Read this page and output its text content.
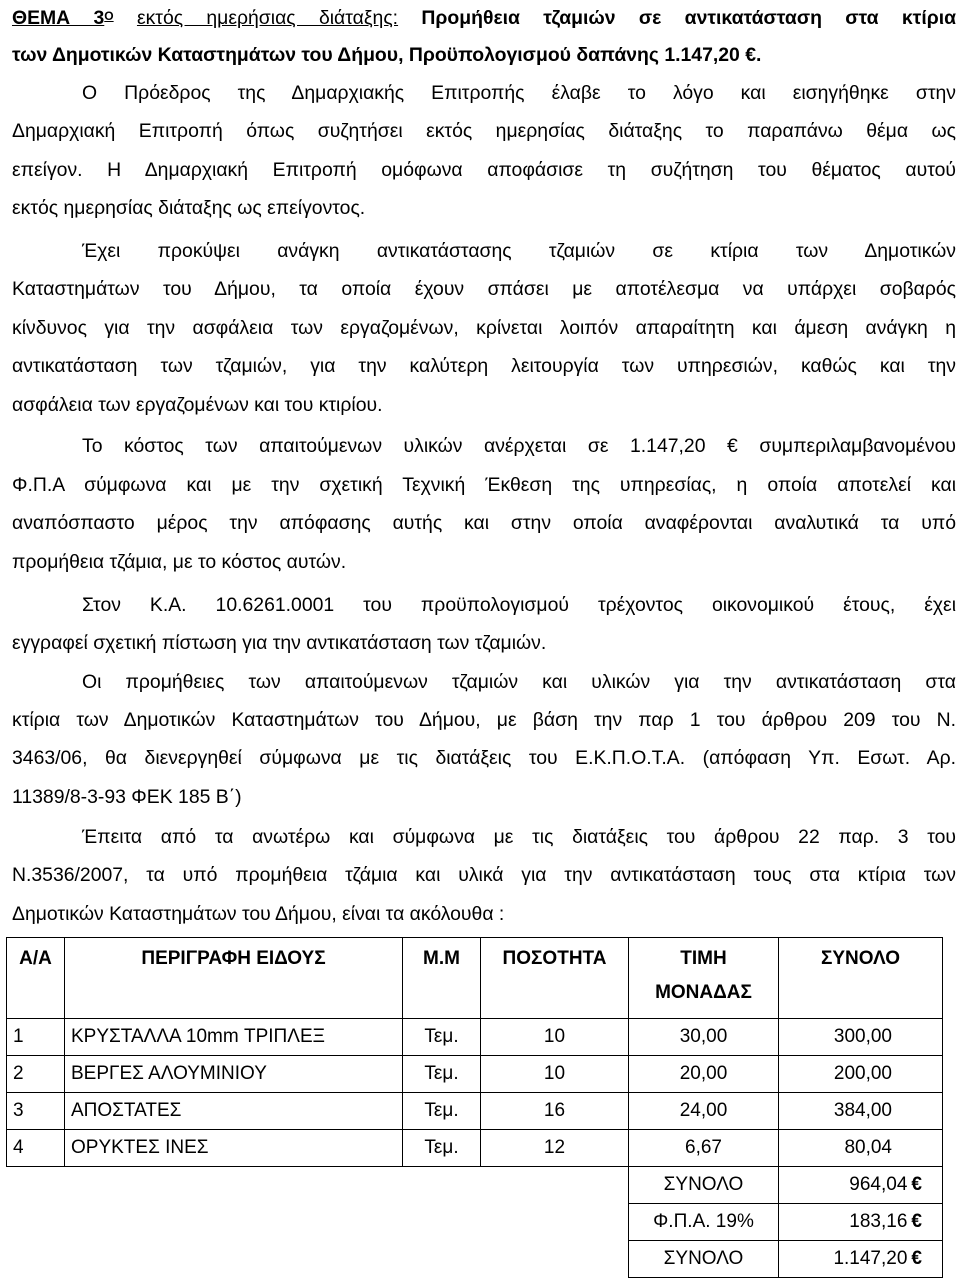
ΘΕΜΑ $3^O$ εκτός ημερήσιας διάταξης: Προμήθεια τζαμιών σε αντικατάσταση στα κτίρια
των Δημοτικών Καταστημάτων του Δήμου, Προϋπολογισμού δαπάνης 1.147,20 €.
Ο Πρόεδρος της Δημαρχιακής Επιτροπής έλαβε το λόγο και εισηγήθηκε στην
Δημαρχιακή Επιτροπή όπως συζητήσει εκτός ημερησίας διάταξης το παραπάνω θέμα ως
επείγον. Η Δημαρχιακή Επιτροπή ομόφωνα αποφάσισε τη συζήτηση του θέματος αυτού
εκτός ημερησίας διάταξης ως επείγοντος.
Έχει προκύψει ανάγκη αντικατάστασης τζαμιών σε κτίρια των Δημοτικών
Καταστημάτων του Δήμου, τα οποία έχουν σπάσει με αποτέλεσμα να υπάρχει σοβαρός
κίνδυνος για την ασφάλεια των εργαζομένων, κρίνεται λοιπόν απαραίτητη και άμεση ανάγκη η
αντικατάσταση των τζαμιών, για την καλύτερη λειτουργία των υπηρεσιών, καθώς και την
ασφάλεια των εργαζομένων και του κτιρίου.
Το κόστος των απαιτούμενων υλικών ανέρχεται σε 1.147,20 € συμπεριλαμβανομένου
Φ.Π.Α σύμφωνα και με την σχετική Τεχνική Έκθεση της υπηρεσίας, η οποία αποτελεί και
αναπόσπαστο μέρος την απόφασης αυτής και στην οποία αναφέρονται αναλυτικά τα υπό
προμήθεια τζάμια, με το κόστος αυτών.
Στον Κ.Α. 10.6261.0001 του προϋπολογισμού τρέχοντος οικονομικού έτους, έχει
εγγραφεί σχετική πίστωση για την αντικατάσταση των τζαμιών.
Οι προμήθειες των απαιτούμενων τζαμιών και υλικών για την αντικατάσταση στα
κτίρια των Δημοτικών Καταστημάτων του Δήμου, με βάση την παρ 1 του άρθρου 209 του Ν.
3463/06, θα διενεργηθεί σύμφωνα με τις διατάξεις του Ε.Κ.Π.Ο.Τ.Α. (απόφαση Υπ. Εσωτ. Αρ.
11389/8-3-93 ΦΕΚ 185 Β΄)
Έπειτα από τα ανωτέρω και σύμφωνα με τις διατάξεις του άρθρου 22 παρ. 3 του
Ν.3536/2007, τα υπό προμήθεια τζάμια και υλικά για την αντικατάσταση τους στα κτίρια των
Δημοτικών Καταστημάτων του Δήμου, είναι τα ακόλουθα :
Α/Α	ΠΕΡΙΓΡΑΦΗ ΕΙΔΟΥΣ	Μ.Μ	ΠΟΣΟΤΗΤΑ	ΤΙΜΗ
ΜΟΝΑΔΑΣ	ΣΥΝΟΛΟ
1	ΚΡΥΣΤΑΛΛΑ 10mm ΤΡΙΠΛΕΞ	Τεμ.	10	30,00	300,00
2	ΒΕΡΓΕΣ ΑΛΟΥΜΙΝΙΟΥ	Τεμ.	10	20,00	200,00
3	ΑΠΟΣΤΑΤΕΣ	Τεμ.	16	24,00	384,00
4	ΟΡΥΚΤΕΣ ΙΝΕΣ	Τεμ.	12	6,67	80,04
				ΣΥΝΟΛΟ	964,04 €
				Φ.Π.Α. 19%	183,16 €
				ΣΥΝΟΛΟ	1.147,20 €
